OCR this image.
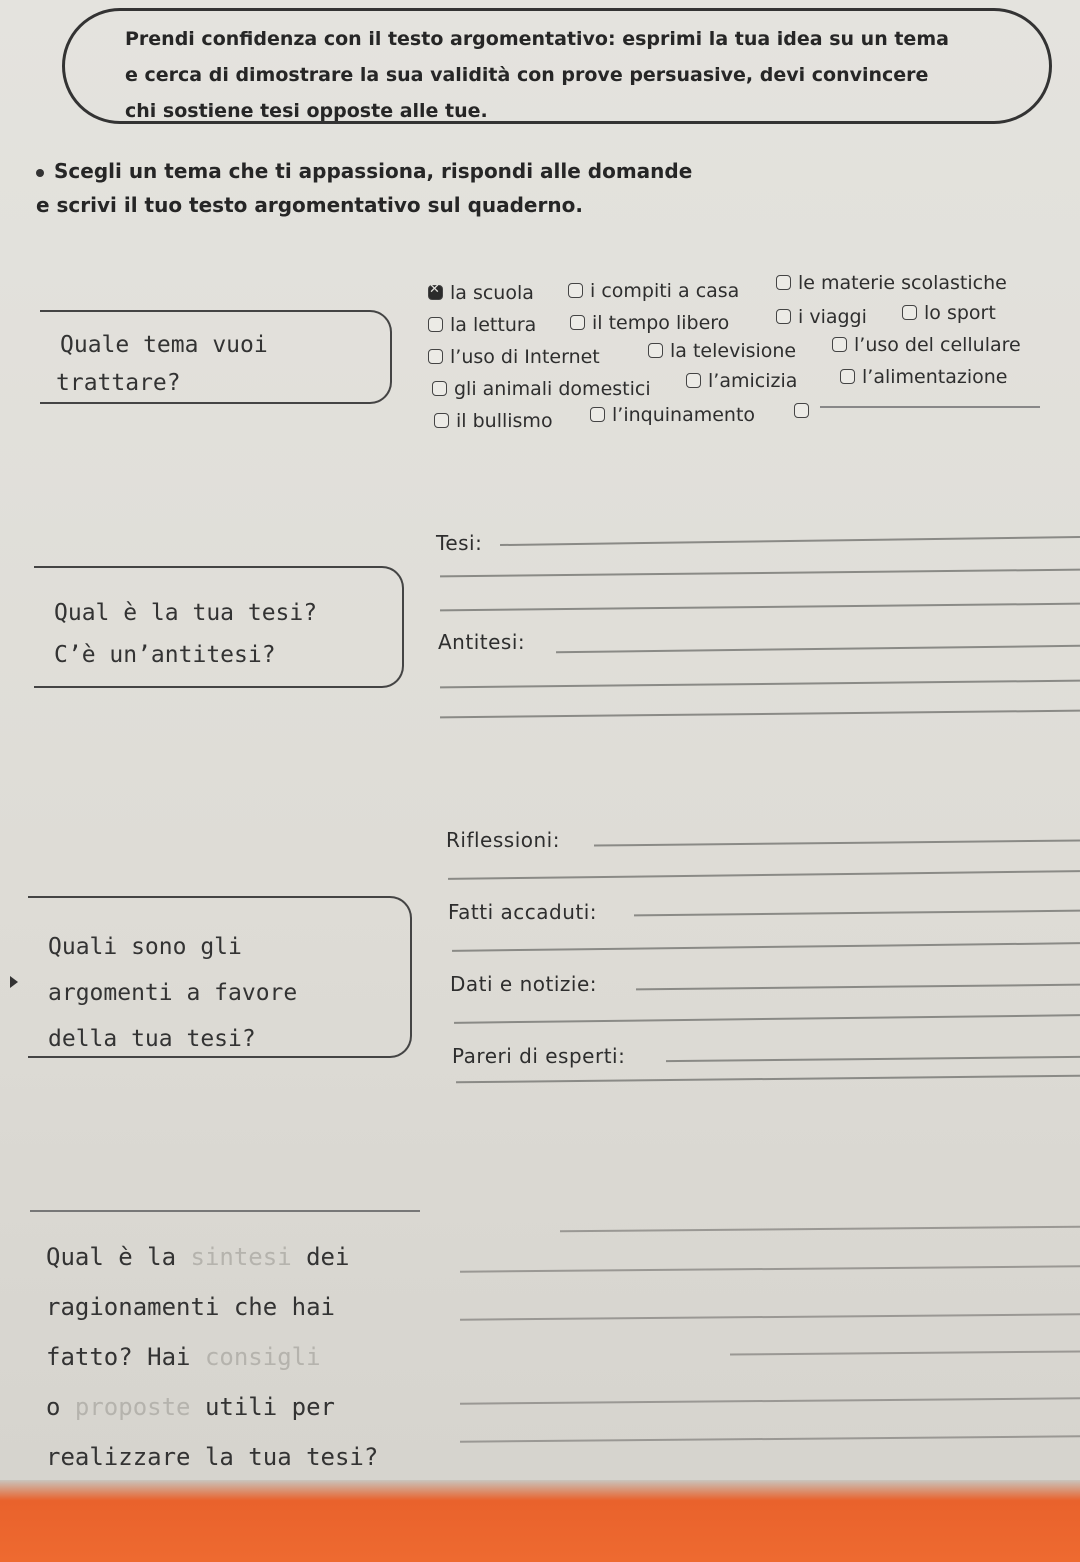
Prendi confidenza con il testo argomentativo: esprimi la tua idea su un tema
e cerca di dimostrare la sua validità con prove persuasive, devi convincere
chi sostiene tesi opposte alle tue.
Scegli un tema che ti appassiona, rispondi alle domande
e scrivi il tuo testo argomentativo sul quaderno.
Quale tema vuoi
trattare?
✕la scuola	i compiti a casa	le materie scolastiche
la lettura	il tempo libero	i viaggi	lo sport
l’uso di Internet	la televisione	l’uso del cellulare
gli animali domestici	l’amicizia	l’alimentazione
il bullismo	l’inquinamento
Qual è la tua tesi?
C’è un’antitesi?
Tesi:
Antitesi:
Quali sono gli
argomenti a favore
della tua tesi?
Riflessioni:
Fatti accaduti:
Dati e notizie:
Pareri di esperti:
Qual è la sintesi dei
ragionamenti che hai
fatto? Hai consigli
o proposte utili per
realizzare la tua tesi?
